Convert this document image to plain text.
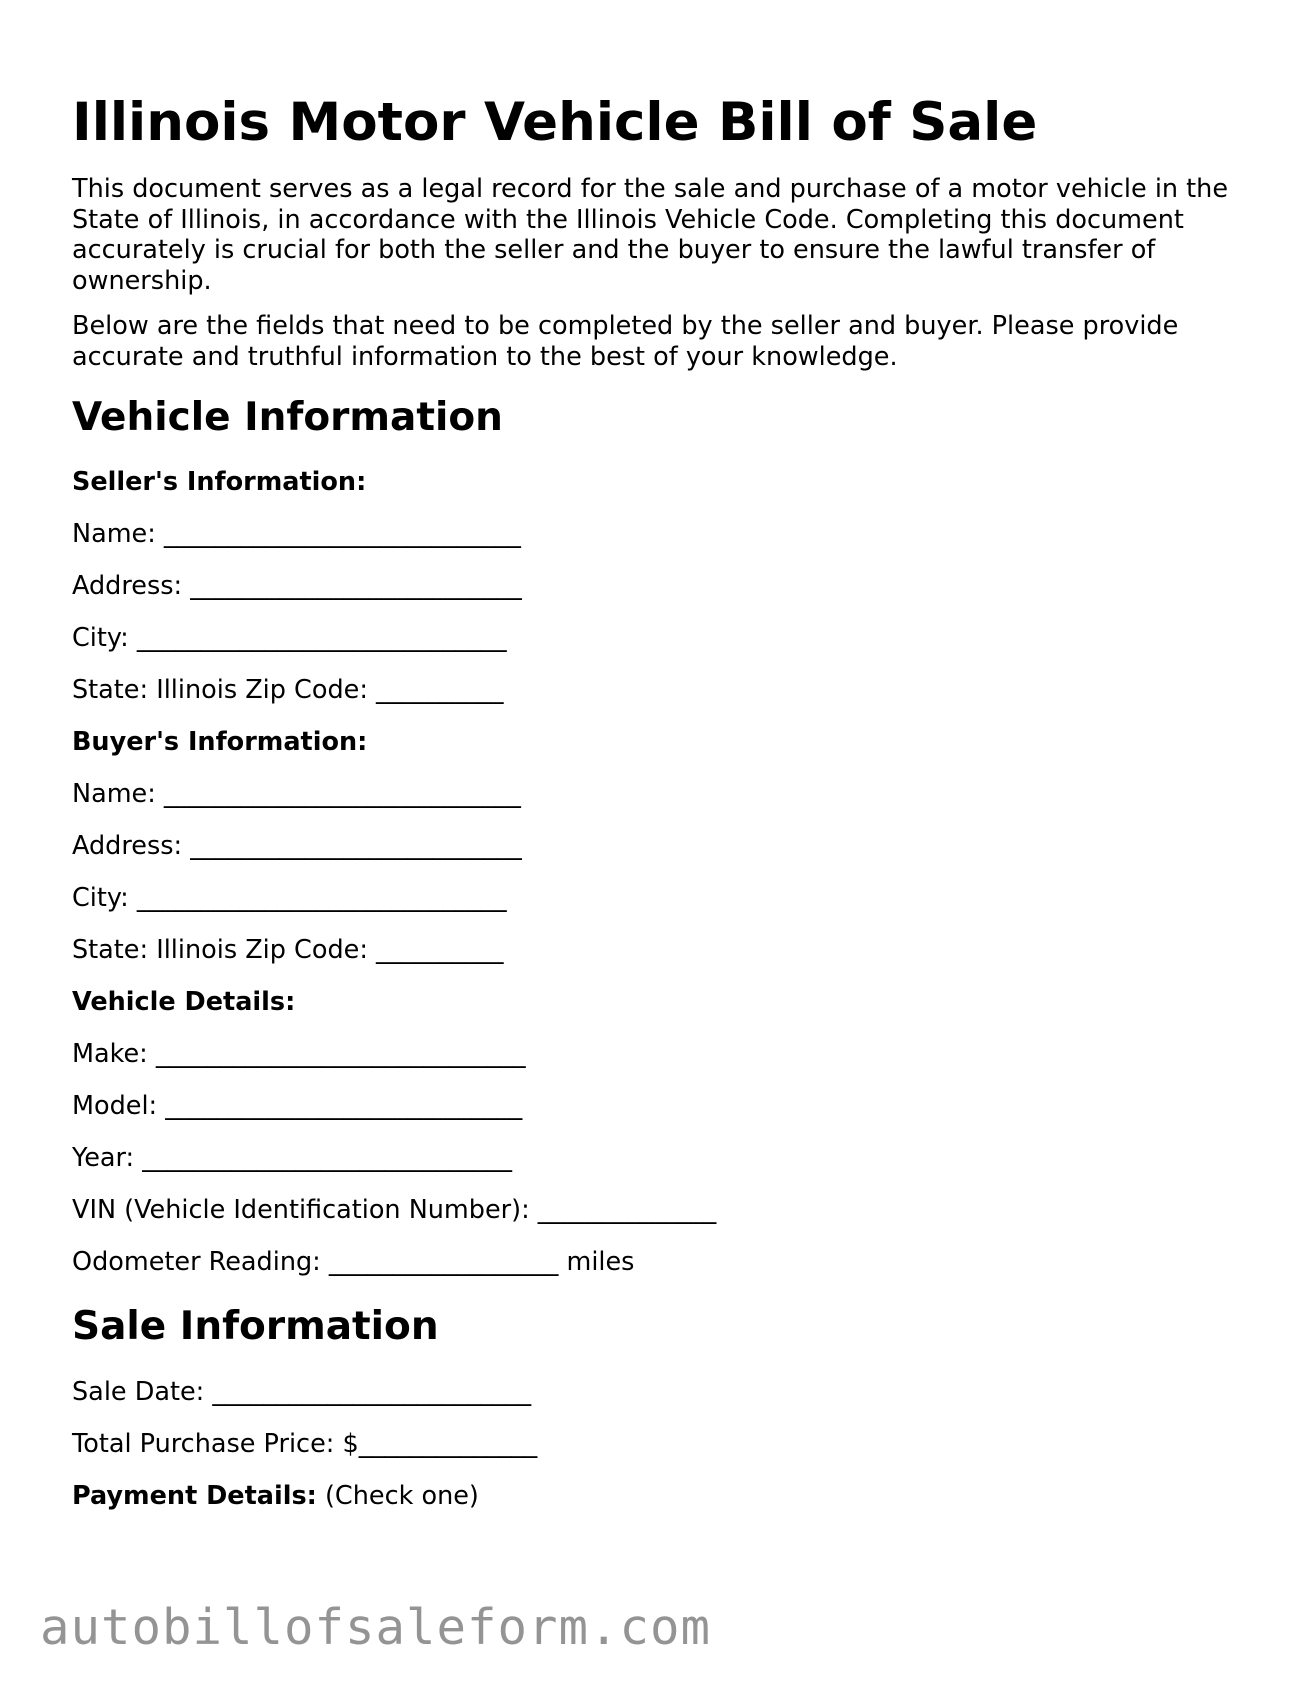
Illinois Motor Vehicle Bill of Sale

This document serves as a legal record for the sale and purchase of a motor vehicle in the State of Illinois, in accordance with the Illinois Vehicle Code. Completing this document accurately is crucial for both the seller and the buyer to ensure the lawful transfer of ownership.

Below are the fields that need to be completed by the seller and buyer. Please provide accurate and truthful information to the best of your knowledge.

Vehicle Information
Seller's Information:
Name: ____________________________
Address: __________________________
City: _____________________________
State: Illinois Zip Code: __________
Buyer's Information:
Name: ____________________________
Address: __________________________
City: _____________________________
State: Illinois Zip Code: __________
Vehicle Details:
Make: _____________________________
Model: ____________________________
Year: _____________________________
VIN (Vehicle Identification Number): ______________
Odometer Reading: __________________ miles
Sale Information
Sale Date: _________________________
Total Purchase Price: $______________
Payment Details: (Check one)
autobillofsaleform.com
